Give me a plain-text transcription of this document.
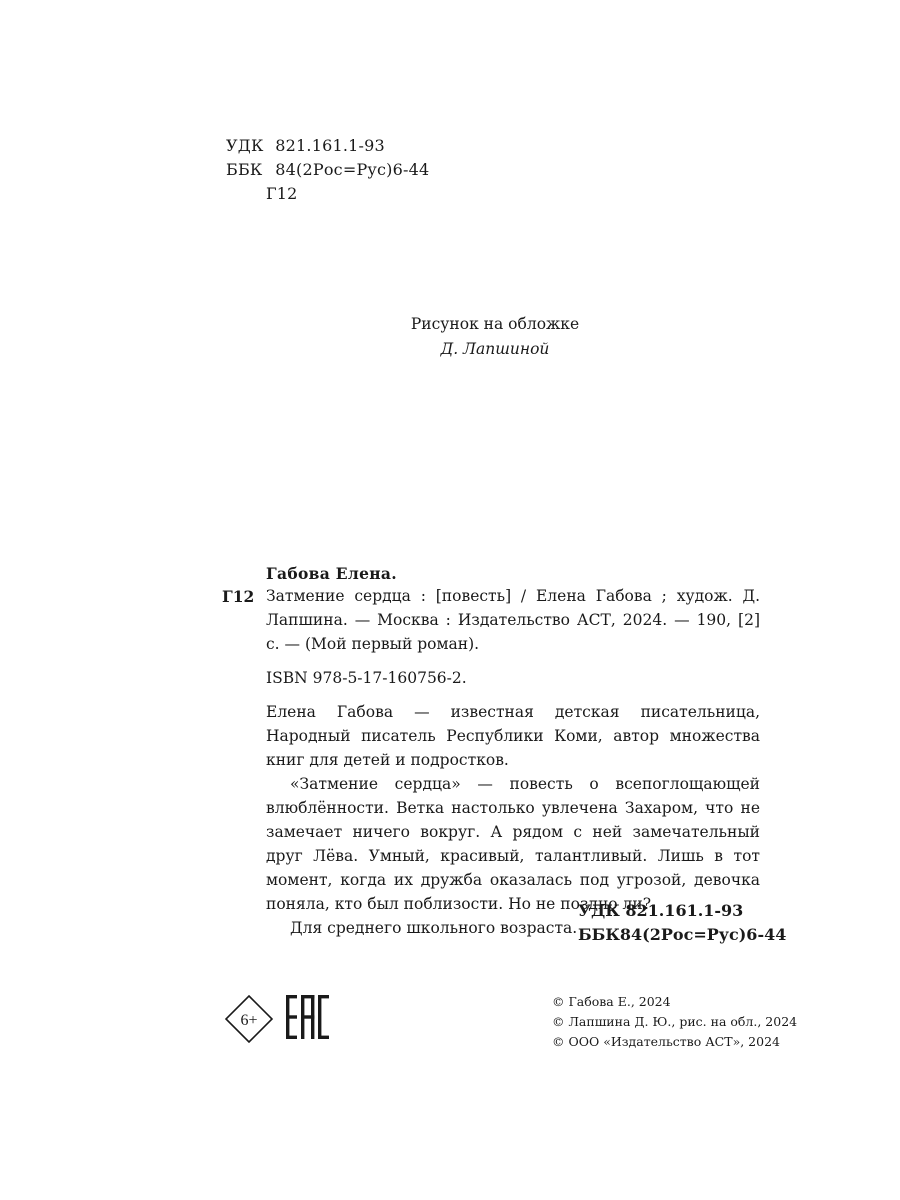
УДК 821.161.1-93
ББК 84(2Рос=Рус)6-44
Г12
Рисунок на обложке
Д. Лапшиной
Габова Елена.
Г12 Затмение сердца : [повесть] / Елена Габова ; худож. Д. Лапшина. — Москва : Издательство АСТ, 2024. — 190, [2] с. — (Мой первый роман).

ISBN 978-5-17-160756-2.

Елена Габова — известная детская писательница, Народный писатель Республики Коми, автор множества книг для детей и подростков.

«Затмение сердца» — повесть о всепоглощающей влюблённости. Ветка настолько увлечена Захаром, что не замечает ничего вокруг. А рядом с ней замечательный друг Лёва. Умный, красивый, талантливый. Лишь в тот момент, когда их дружба оказалась под угрозой, девочка поняла, кто был поблизости. Но не поздно ли?

Для среднего школьного возраста.

УДК 821.161.1-93
ББК84(2Рос=Рус)6-44
6+
© Габова Е., 2024
© Лапшина Д. Ю., рис. на обл., 2024
© ООО «Издательство АСТ», 2024
